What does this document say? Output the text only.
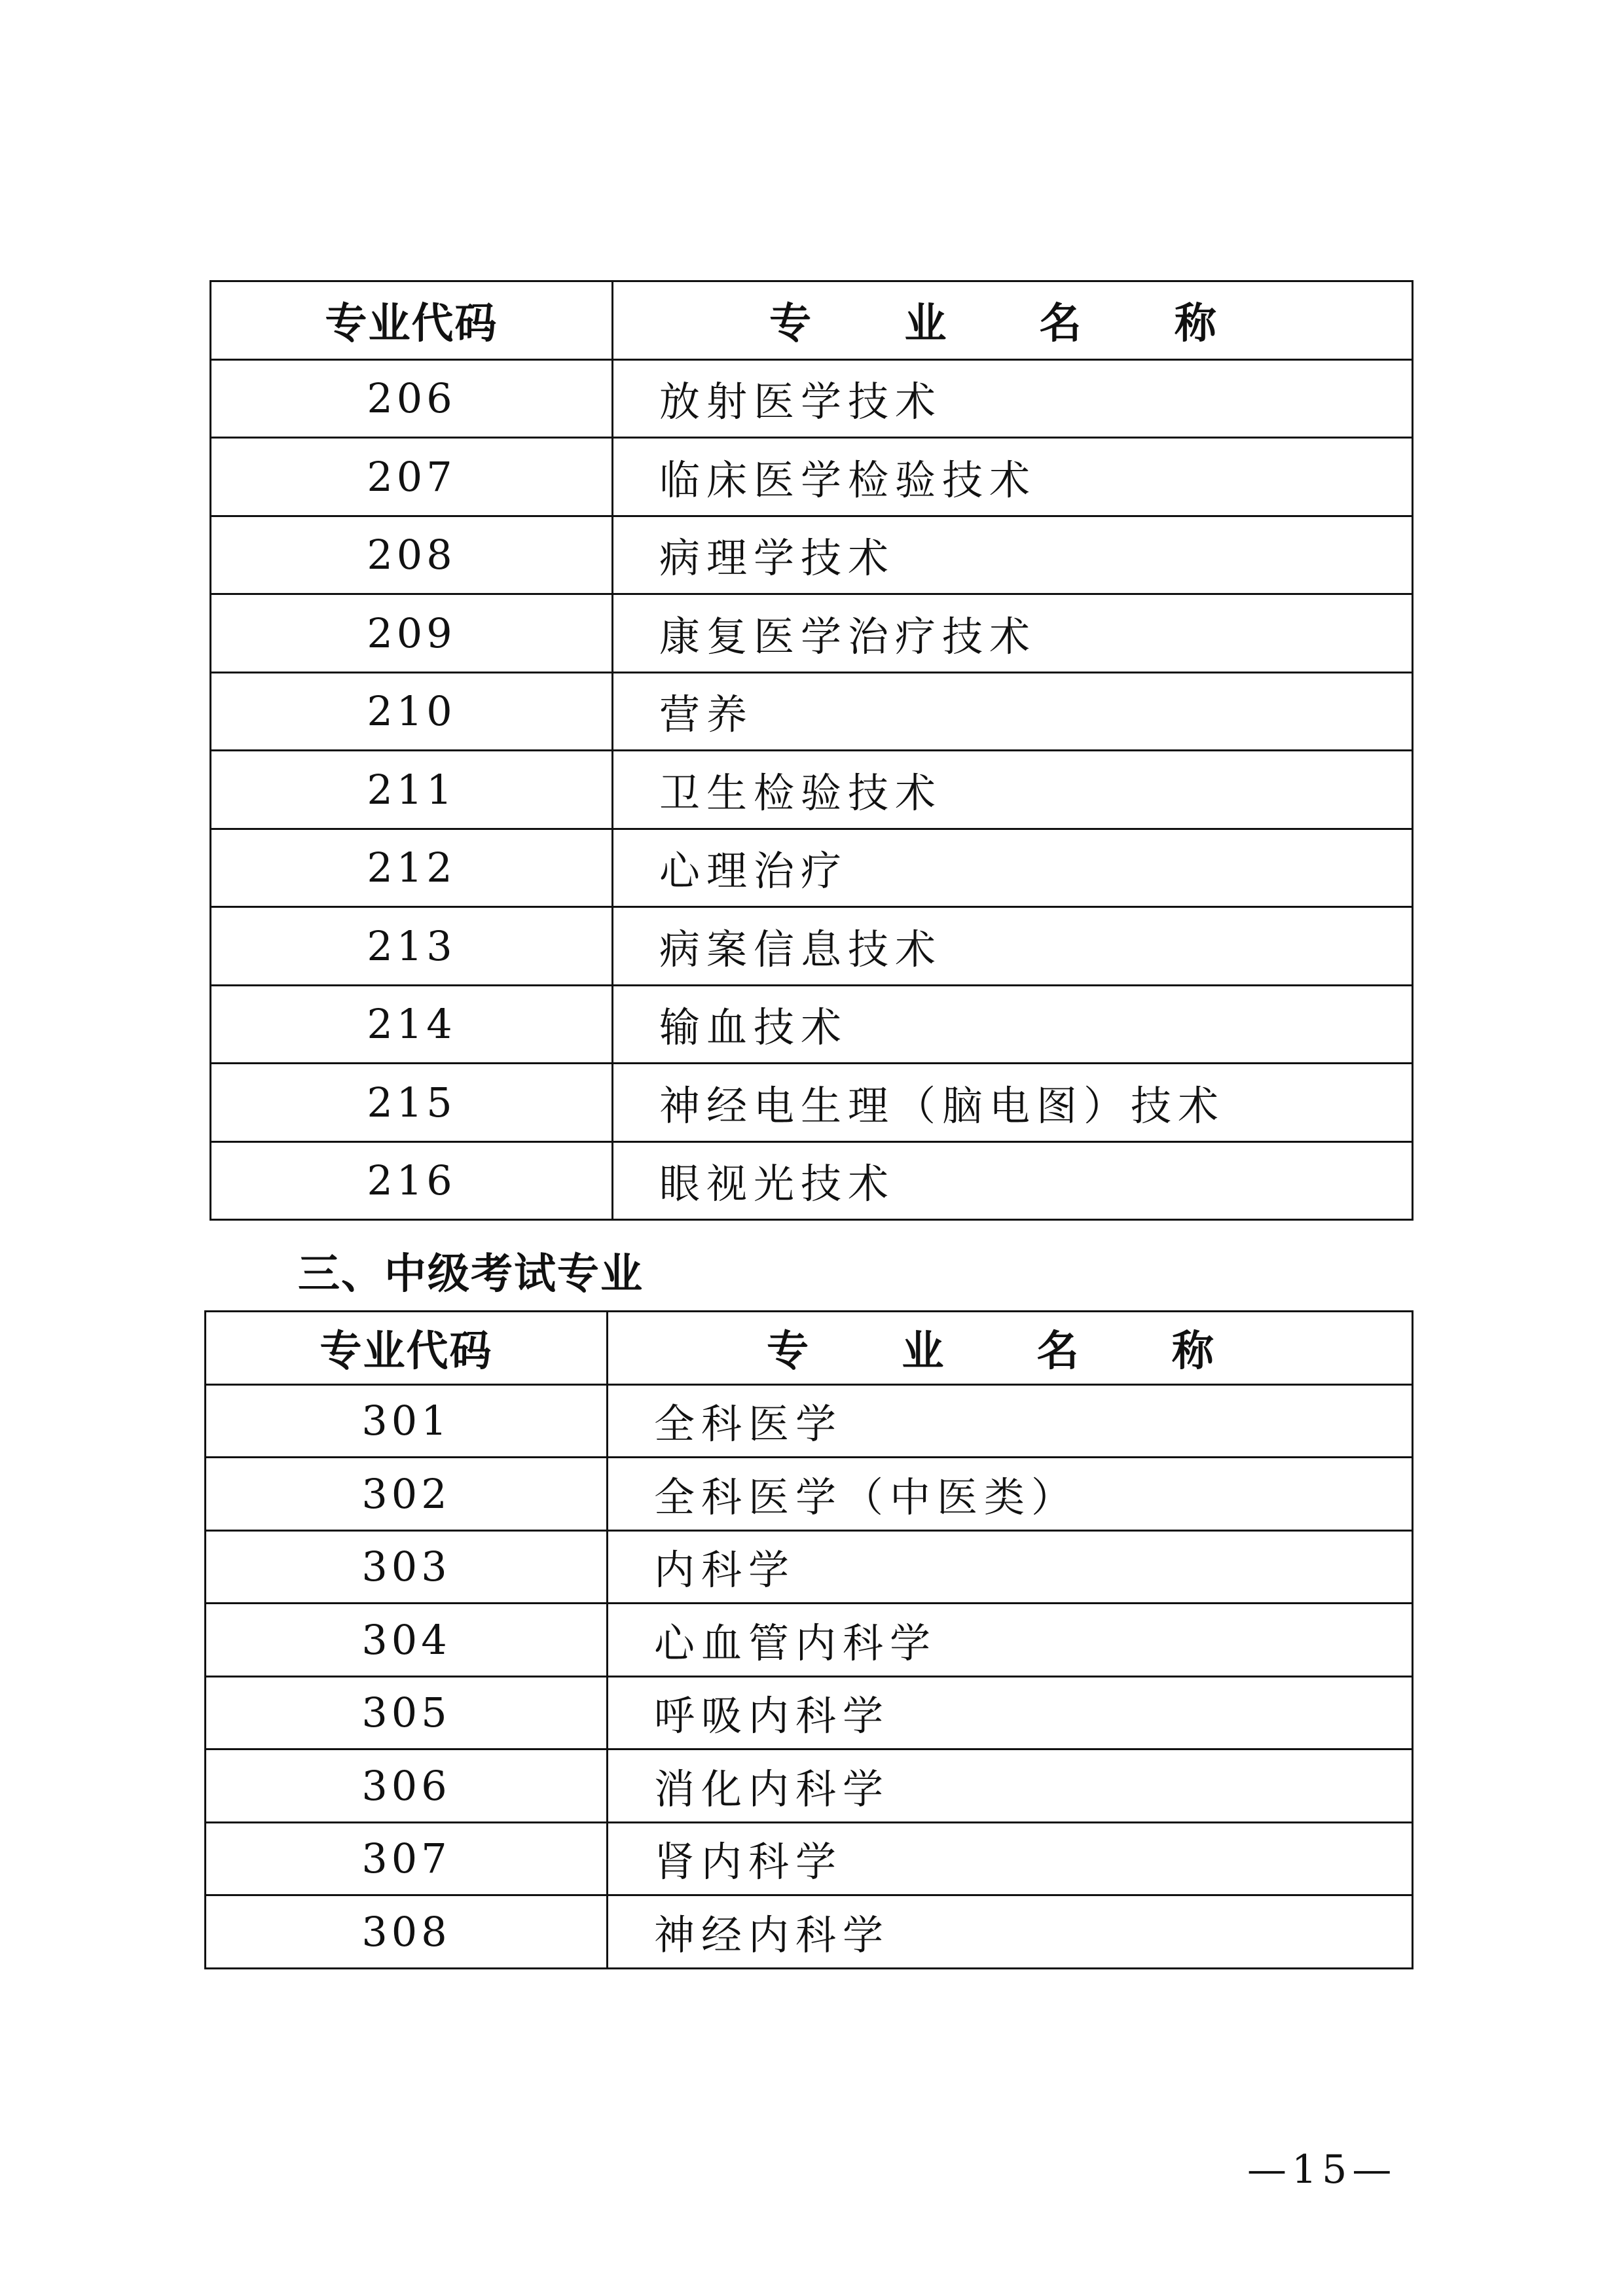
专业代码	专 业 名 称
206	放射医学技术
207	临床医学检验技术
208	病理学技术
209	康复医学治疗技术
210	营养
211	卫生检验技术
212	心理治疗
213	病案信息技术
214	输血技术
215	神经电生理（脑电图）技术
216	眼视光技术
三、中级考试专业
专业代码	专 业 名 称
301	全科医学
302	全科医学（中医类）
303	内科学
304	心血管内科学
305	呼吸内科学
306	消化内科学
307	肾内科学
308	神经内科学
—15—
